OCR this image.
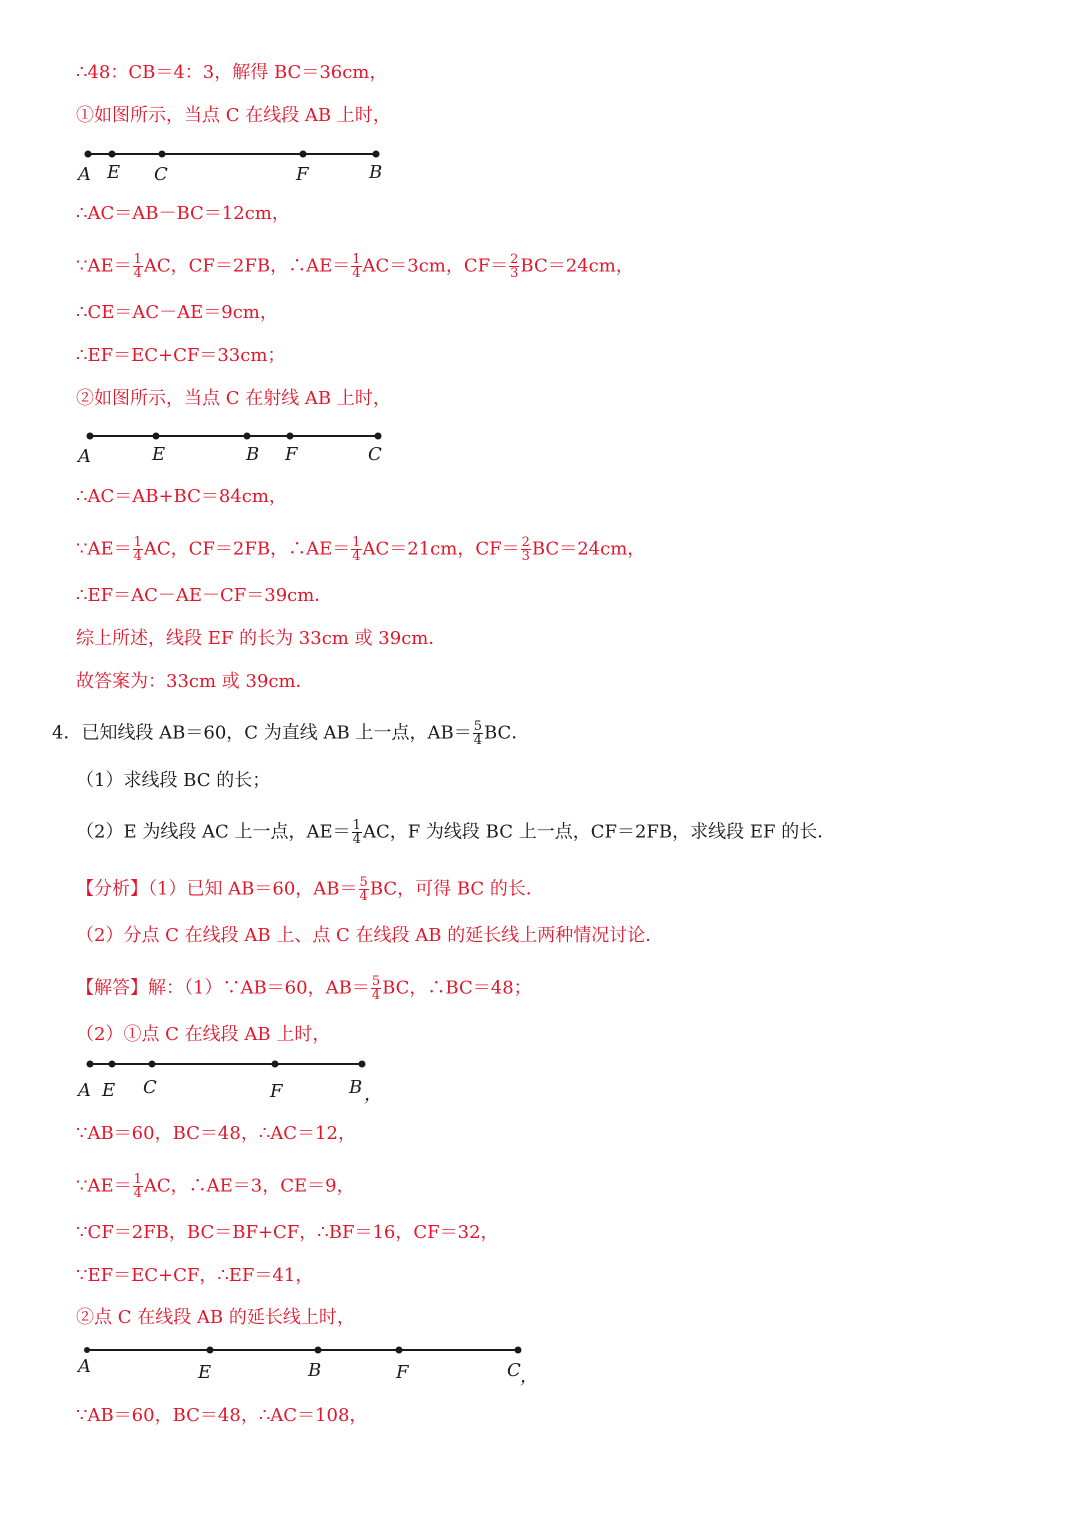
∴48：CB＝4：3，解得 BC＝36cm，
①如图所示，当点 C 在线段 AB 上时，
A E C	F	B
∴AC＝AB－BC＝12cm，
∵AE＝ $\frac{1}{4}$ AC，CF＝2FB，∴AE＝ $\frac{1}{4} AC=3cm$，$CF= \frac{2}{3} BC=24cm$，
∴CE＝AC－AE＝9cm，
∴EF＝EC+CF＝33cm；
②如图所示，当点 C 在射线 AB 上时，
A	E	B F	C
∴AC＝AB+BC＝84cm，
∵AE＝ $\frac{1}{4}$ AC，CF＝2FB，∴AE＝ $\frac{1}{4} AC=21cm$，$CF= \frac{2}{3} BC=24cm$，
∴EF＝AC－AE－CF＝39cm．
综上所述，线段 EF 的长为 33cm 或 39cm．
故答案为：33cm 或 39cm．
4．已知线段 AB＝60，C 为直线 AB 上一点，$AB= \frac{5}{4}$ BC．
（1）求线段 BC 的长；
（2）E 为线段 AC 上一点，$AE= \frac{1}{4}$ AC，F 为线段 BC 上一点，CF＝2FB，求线段 EF 的长．
【分析】（1）已知 AB＝60，$AB= \frac{5}{4}$ BC，可得 BC 的长．
（2）分点 C 在线段 AB 上、点 C 在线段 AB 的延长线上两种情况讨论．
【解答】解：（1）∵AB＝60，$AB= \frac{5}{4}$ BC，∴BC＝48；
（2）①点 C 在线段 AB 上时，
A E C	F	B ，
∵AB＝60，BC＝48，∴AC＝12，
∵AE＝ $\frac{1}{4}$ AC，∴AE＝3，CE＝9，
∵CF＝2FB，BC＝BF+CF，∴BF＝16，CF＝32，
∵EF＝EC+CF，∴EF＝41，
②点 C 在线段 AB 的延长线上时，
A	E	B	F	C ，
∵AB＝60，BC＝48，∴AC＝108，
